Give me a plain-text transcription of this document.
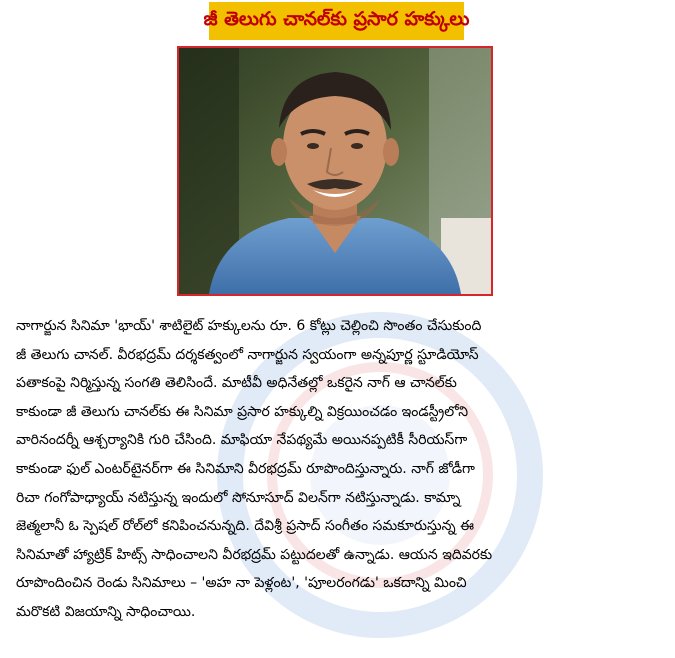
జీ తెలుగు చానల్‌కు ప్రసార హక్కులు

నాగార్జున సినిమా 'భాయ్' శాటిలైట్ హక్కులను రూ. 6 కోట్లు చెల్లించి సొంతం చేసుకుంది

జీ తెలుగు చానల్. వీరభద్రమ్ దర్శకత్వంలో నాగార్జున స్వయంగా అన్నపూర్ణ స్టూడియోస్

పతాకంపై నిర్మిస్తున్న సంగతి తెలిసిందే. మాటీవీ అధినేతల్లో ఒకరైన నాగ్ ఆ చానల్‌కు

కాకుండా జీ తెలుగు చానల్‌కు ఈ సినిమా ప్రసార హక్కుల్ని విక్రయించడం ఇండస్ట్రీలోని

వారినందర్నీ ఆశ్చర్యానికి గురి చేసింది. మాఫియా నేపథ్యమే అయినప్పటికీ సీరియస్‌గా

కాకుండా ఫుల్ ఎంటర్‌టైనర్‌గా ఈ సినిమాని వీరభద్రమ్ రూపొందిస్తున్నారు. నాగ్ జోడీగా

రిచా గంగోపాధ్యాయ్ నటిస్తున్న ఇందులో సోనూసూద్ విలన్‌గా నటిస్తున్నాడు. కామ్నా

జెత్మలానీ ఓ స్పెషల్ రోల్‌లో కనిపించనున్నది. దేవిశ్రీ ప్రసాద్ సంగీతం సమకూరుస్తున్న ఈ

సినిమాతో హ్యాట్రిక్ హిట్స్ సాధించాలని వీరభద్రమ్ పట్టుదలతో ఉన్నాడు. ఆయన ఇదివరకు

రూపొందించిన రెండు సినిమాలు – 'అహ నా పెళ్లంట', 'పూలరంగడు' ఒకదాన్ని మించి

మరొకటి విజయాన్ని సాధించాయి.
